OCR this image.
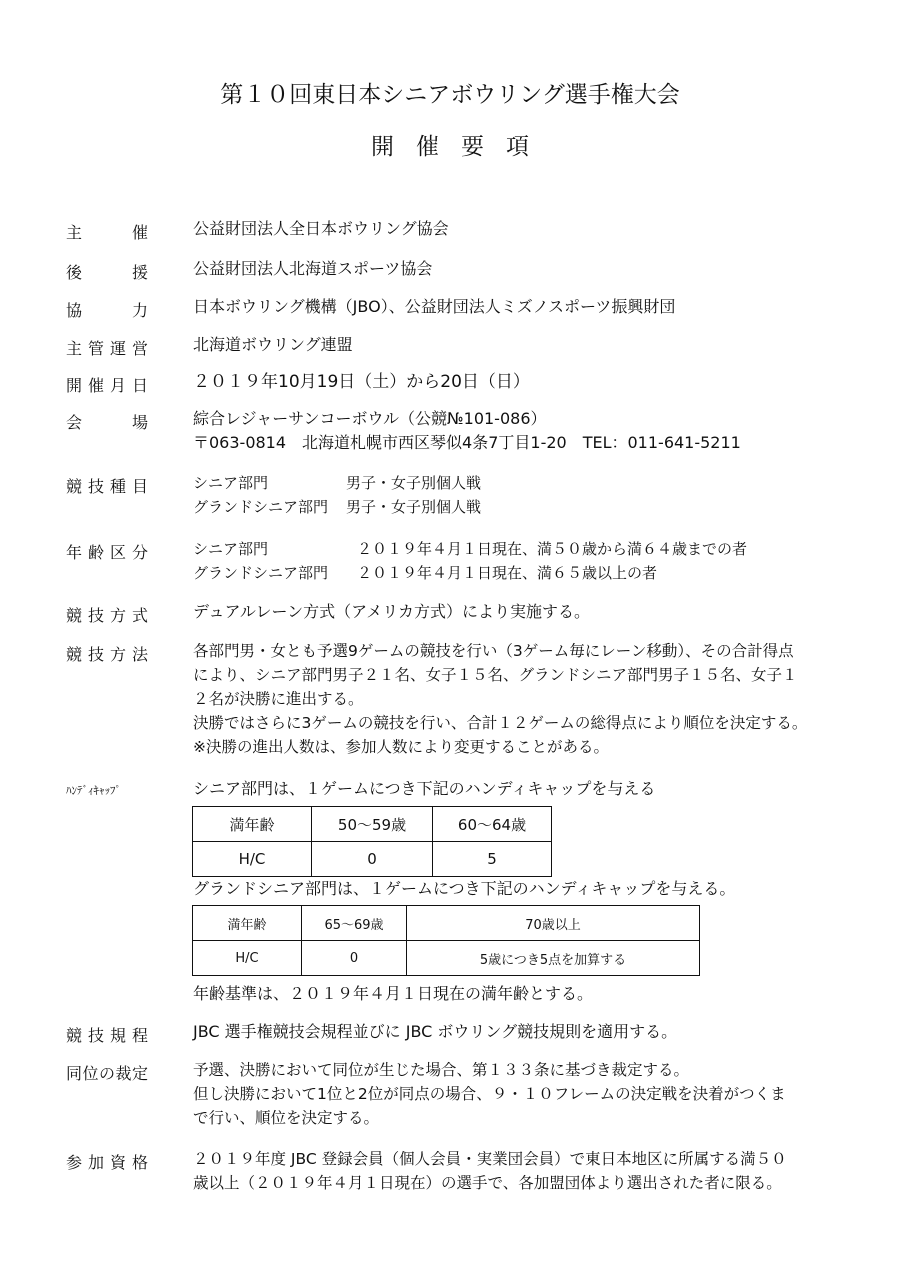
第１０回東日本シニアボウリング選手権大会
開催要項
主	催	公益財団法人全日本ボウリング協会
後	援	公益財団法人北海道スポーツ協会
協	力	日本ボウリング機構（JBO）、公益財団法人ミズノスポーツ振興財団
主 管 運 営	北海道ボウリング連盟
開 催 月 日	２０１９年10月19日（土）から20日（日）
会	場	綜合レジャーサンコーボウル（公競№101-086）
〒063-0814　北海道札幌市西区琴似4条7丁目1-20　TEL：011-641-5211
競 技 種 目	シニア部門	男子・女子別個人戦
グランドシニア部門 男子・女子別個人戦
年 齢 区 分	シニア部門	２０１９年４月１日現在、満５０歳から満６４歳までの者
グランドシニア部門 ２０１９年４月１日現在、満６５歳以上の者
競 技 方 式	デュアルレーン方式（アメリカ方式）により実施する。
競 技 方 法	各部門男・女とも予選9ゲームの競技を行い（3ゲーム毎にレーン移動）、その合計得点
により、シニア部門男子２１名、女子１５名、グランドシニア部門男子１５名、女子１
２名が決勝に進出する。
決勝ではさらに3ゲームの競技を行い、合計１２ゲームの総得点により順位を決定する。
※決勝の進出人数は、参加人数により変更することがある。
ﾊﾝﾃﾞｨｷｬｯﾌﾟ	シニア部門は、１ゲームにつき下記のハンディキャップを与える
満年齢	50～59歳	60～64歳
H/C	0	5
グランドシニア部門は、１ゲームにつき下記のハンディキャップを与える。
満年齢	65～69歳	70歳以上
H/C	0	5歳につき5点を加算する
年齢基準は、２０１９年４月１日現在の満年齢とする。
競 技 規 程	JBC 選手権競技会規程並びに JBC ボウリング競技規則を適用する。
同 位 の 裁 定	予選、決勝において同位が生じた場合、第１３３条に基づき裁定する。
但し決勝において1位と2位が同点の場合、９・１０フレームの決定戦を決着がつくま
で行い、順位を決定する。
参 加 資 格	２０１９年度 JBC 登録会員（個人会員・実業団会員）で東日本地区に所属する満５０
歳以上（２０１９年４月１日現在）の選手で、各加盟団体より選出された者に限る。
